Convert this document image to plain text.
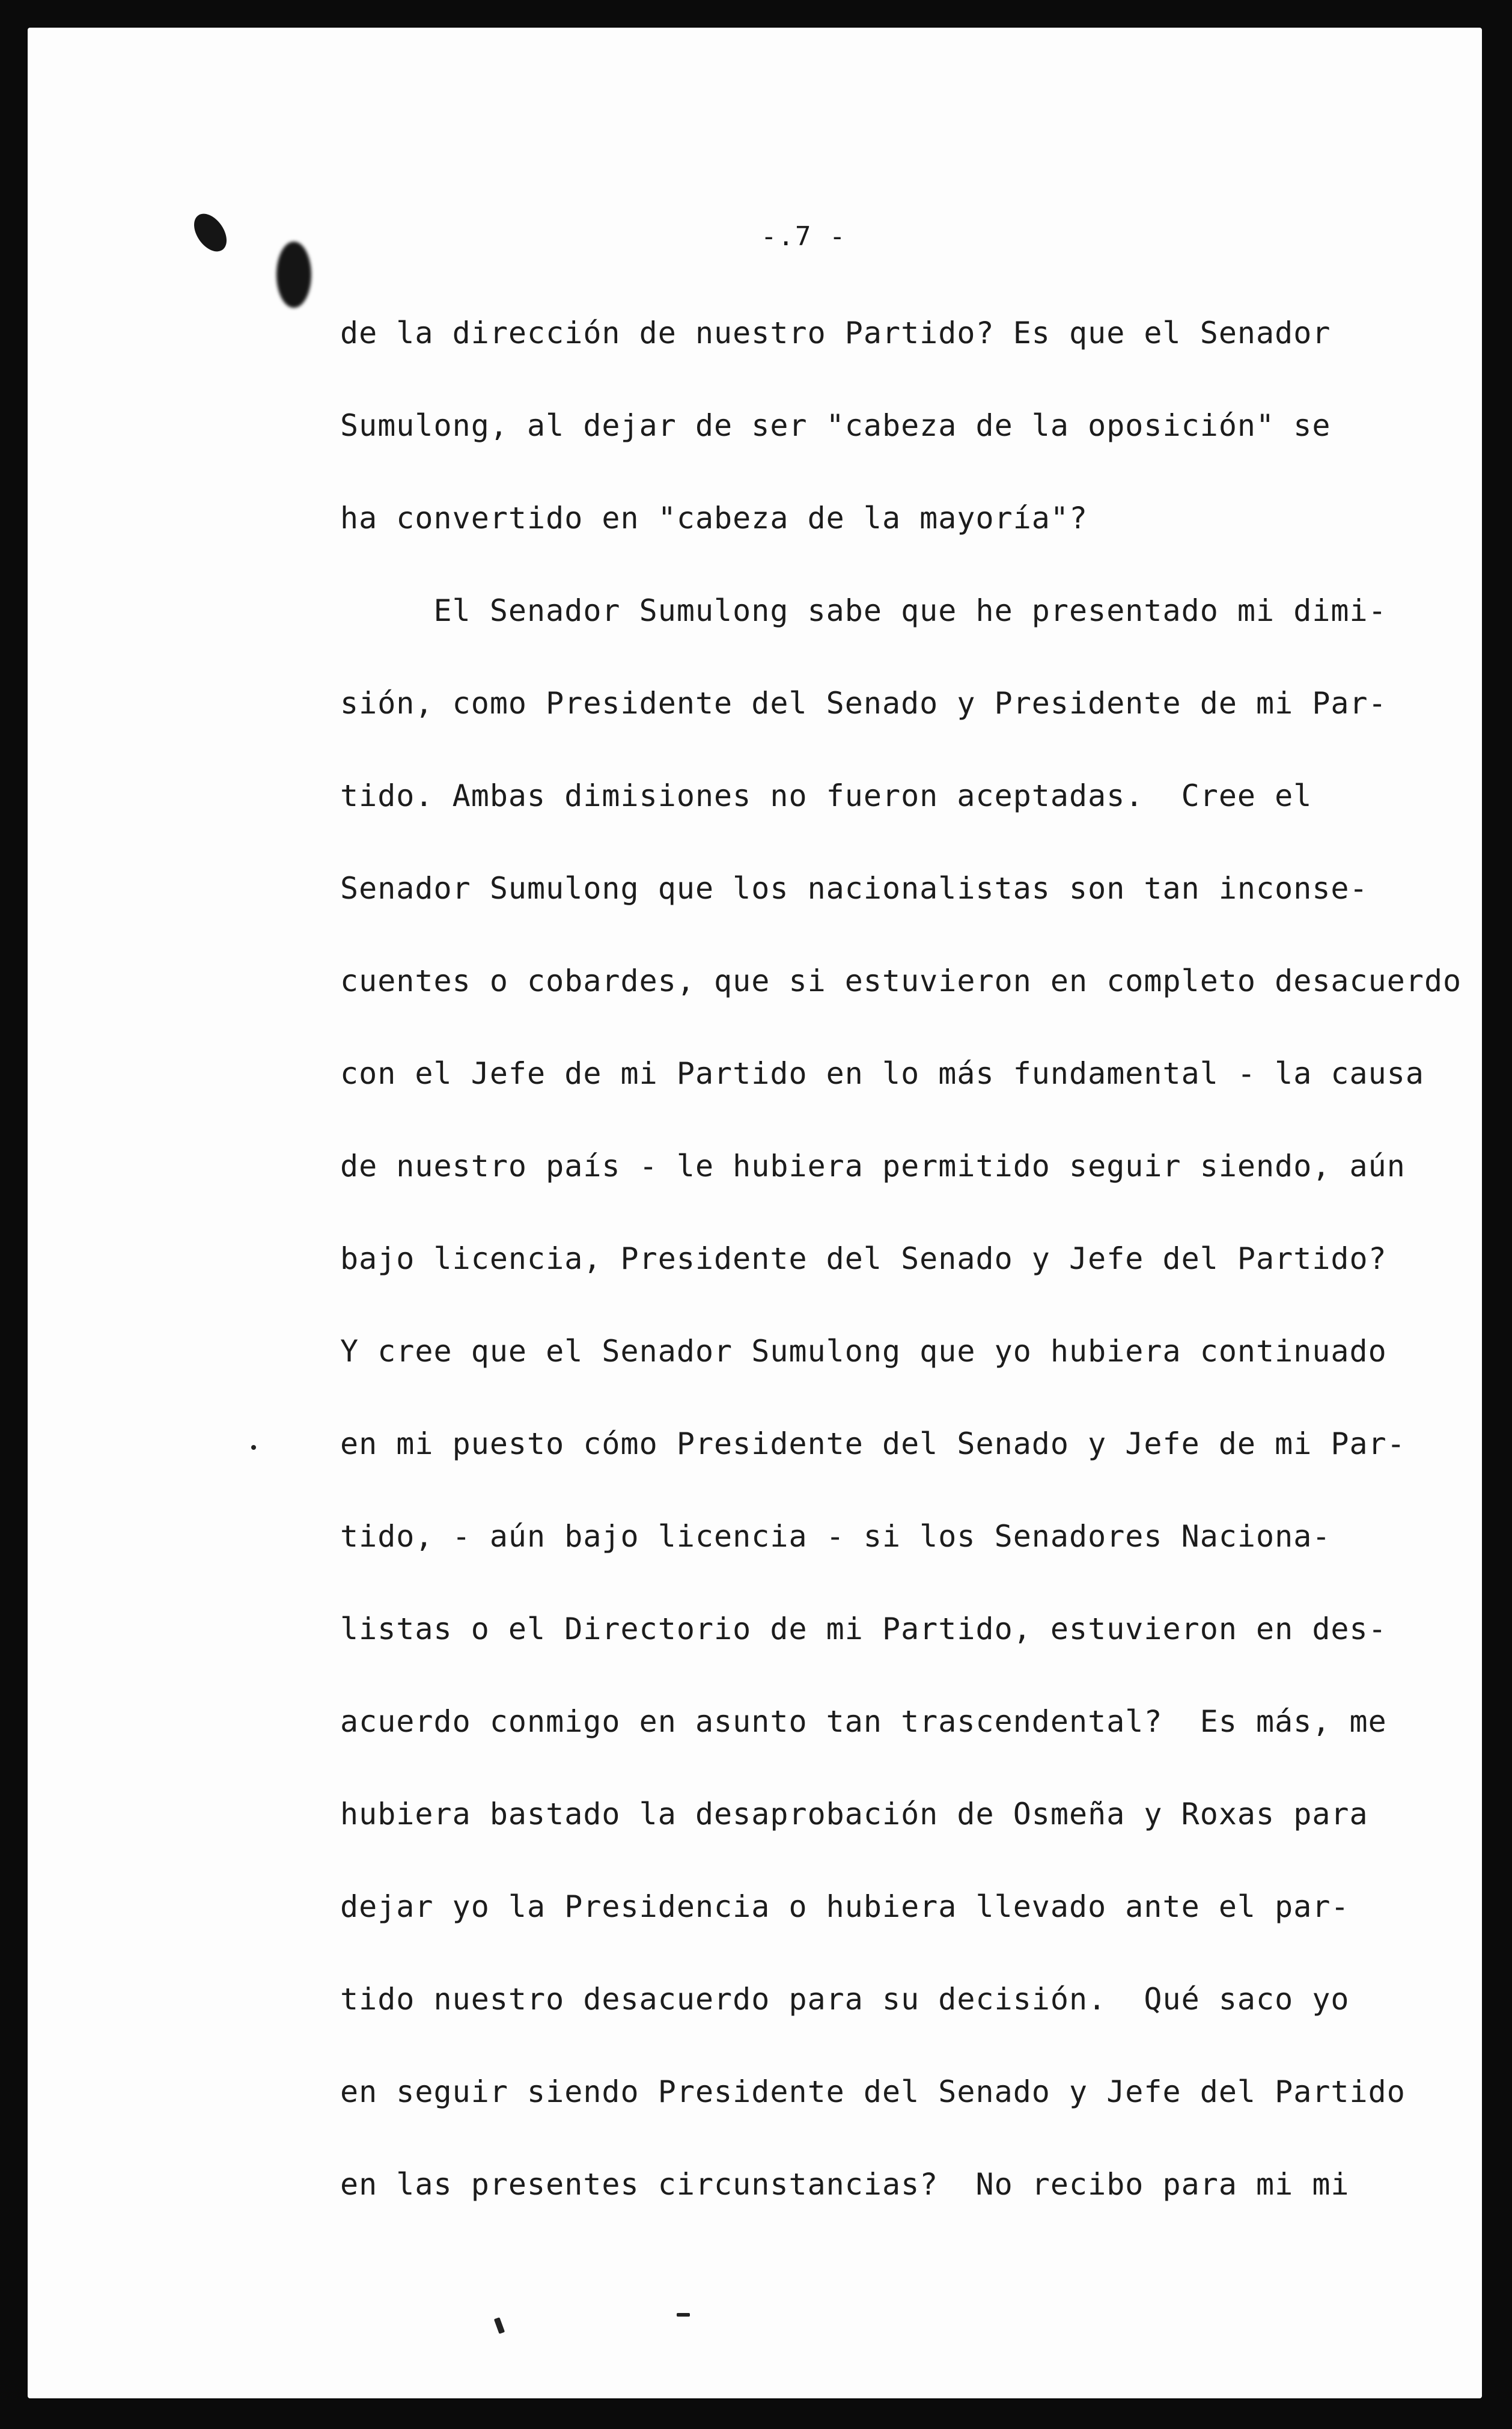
-.7 -

de la dirección de nuestro Partido? Es que el Senador

Sumulong, al dejar de ser "cabeza de la oposición" se

ha convertido en "cabeza de la mayoría"?

El Senador Sumulong sabe que he presentado mi dimi-

sión, como Presidente del Senado y Presidente de mi Par-

tido. Ambas dimisiones no fueron aceptadas.  Cree el

Senador Sumulong que los nacionalistas son tan inconse-

cuentes o cobardes, que si estuvieron en completo desacuerdo

con el Jefe de mi Partido en lo más fundamental - la causa

de nuestro país - le hubiera permitido seguir siendo, aún

bajo licencia, Presidente del Senado y Jefe del Partido?

Y cree que el Senador Sumulong que yo hubiera continuado

en mi puesto cómo Presidente del Senado y Jefe de mi Par-

tido, - aún bajo licencia - si los Senadores Naciona-

listas o el Directorio de mi Partido, estuvieron en des-

acuerdo conmigo en asunto tan trascendental?  Es más, me

hubiera bastado la desaprobación de Osmeña y Roxas para

dejar yo la Presidencia o hubiera llevado ante el par-

tido nuestro desacuerdo para su decisión.  Qué saco yo

en seguir siendo Presidente del Senado y Jefe del Partido

en las presentes circunstancias?  No recibo para mi mi
